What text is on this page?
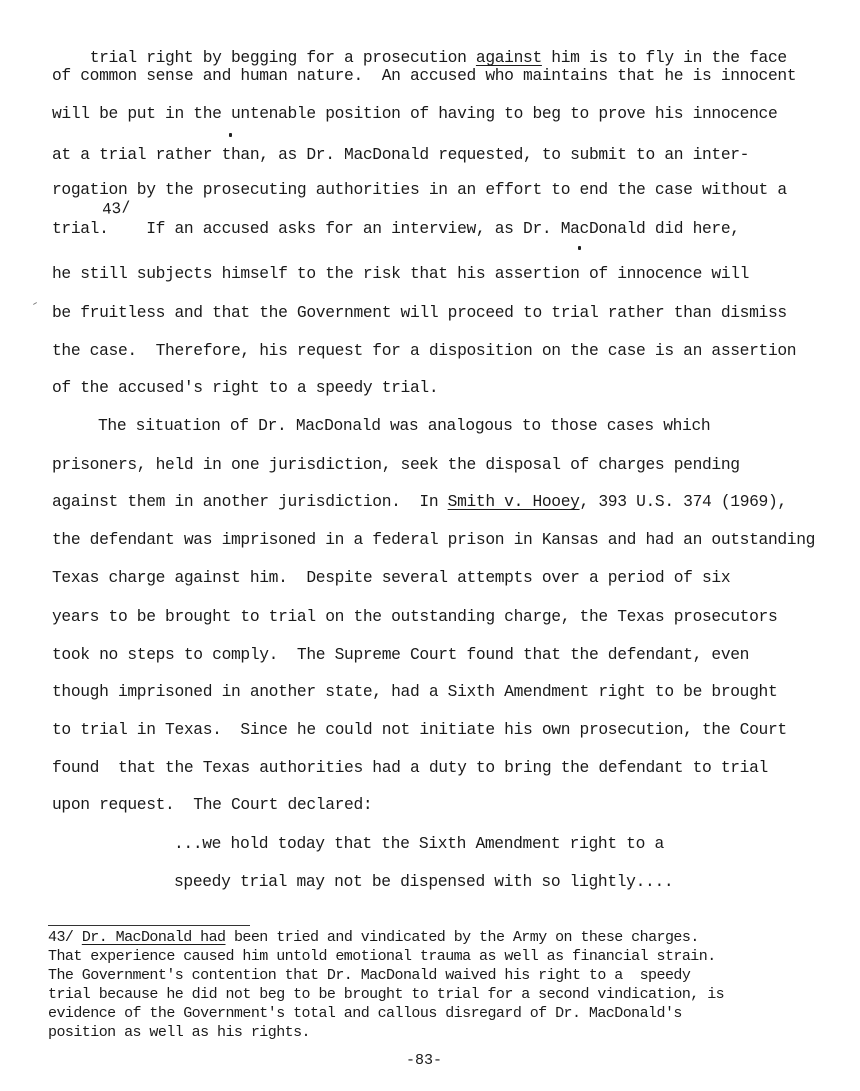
trial right by begging for a prosecution against him is to fly in the face

of common sense and human nature.  An accused who maintains that he is innocent
will be put in the untenable position of having to beg to prove his innocence
at a trial rather than, as Dr. MacDonald requested, to submit to an inter-
rogation by the prosecuting authorities in an effort to end the case without a
trial.    If an accused asks for an interview, as Dr. MacDonald did here,
43/
he still subjects himself to the risk that his assertion of innocence will
be fruitless and that the Government will proceed to trial rather than dismiss
the case.  Therefore, his request for a disposition on the case is an assertion
of the accused's right to a speedy trial.
The situation of Dr. MacDonald was analogous to those cases which
prisoners, held in one jurisdiction, seek the disposal of charges pending
against them in another jurisdiction.  In Smith v. Hooey, 393 U.S. 374 (1969),
the defendant was imprisoned in a federal prison in Kansas and had an outstanding
Texas charge against him.  Despite several attempts over a period of six
years to be brought to trial on the outstanding charge, the Texas prosecutors
took no steps to comply.  The Supreme Court found that the defendant, even
though imprisoned in another state, had a Sixth Amendment right to be brought
to trial in Texas.  Since he could not initiate his own prosecution, the Court
found  that the Texas authorities had a duty to bring the defendant to trial
upon request.  The Court declared:
...we hold today that the Sixth Amendment right to a
speedy trial may not be dispensed with so lightly....
43/ Dr. MacDonald had been tried and vindicated by the Army on these charges.
That experience caused him untold emotional trauma as well as financial strain.
The Government's contention that Dr. MacDonald waived his right to a  speedy
trial because he did not beg to be brought to trial for a second vindication, is
evidence of the Government's total and callous disregard of Dr. MacDonald's
position as well as his rights.
-83-
